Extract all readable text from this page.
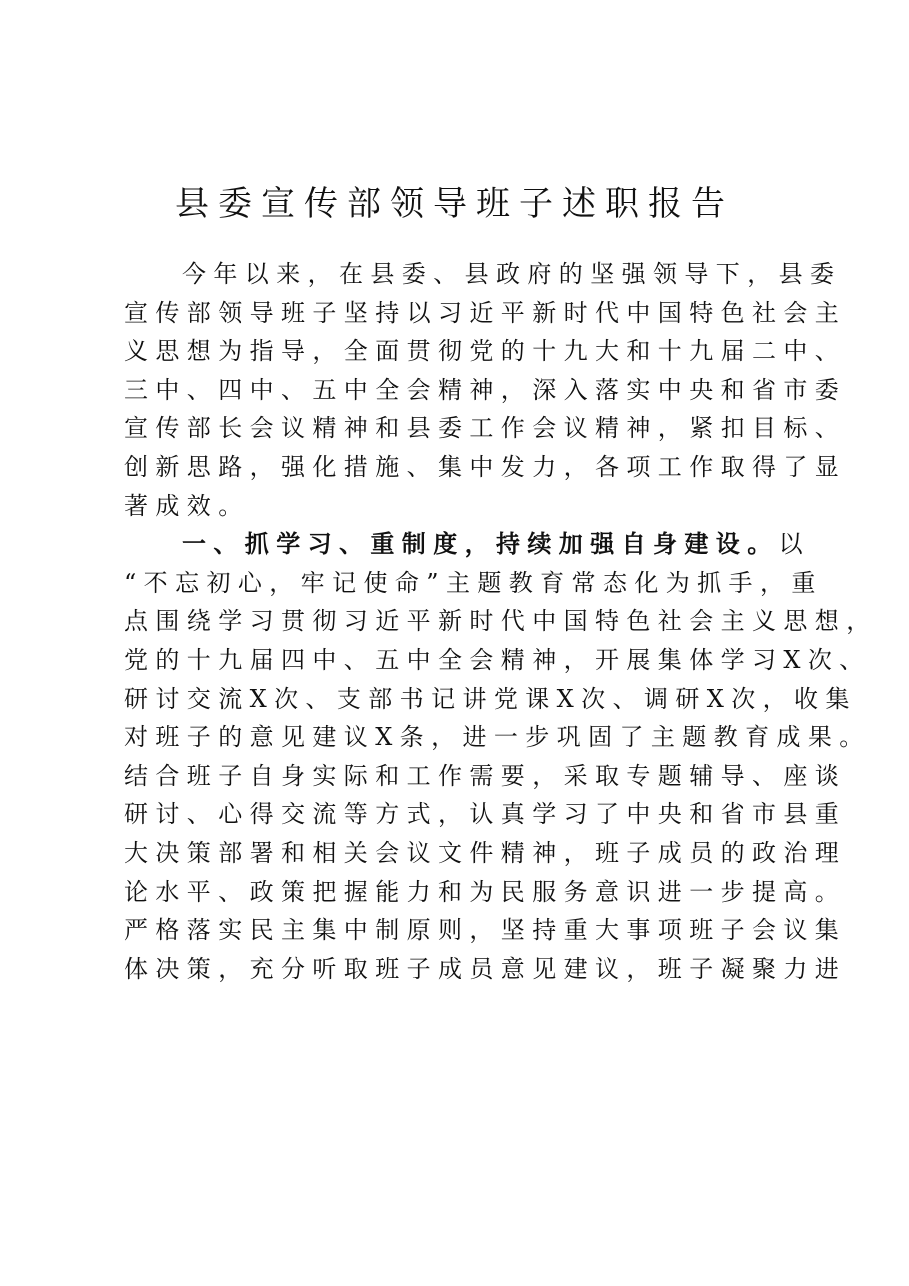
县委宣传部领导班子述职报告
今年以来，在县委、县政府的坚强领导下，县委
宣传部领导班子坚持以习近平新时代中国特色社会主
义思想为指导，全面贯彻党的十九大和十九届二中、
三中、四中、五中全会精神，深入落实中央和省市委
宣传部长会议精神和县委工作会议精神，紧扣目标、
创新思路，强化措施、集中发力，各项工作取得了显
著成效。
一、抓学习、重制度，持续加强自身建设。以
“不忘初心，牢记使命”主题教育常态化为抓手，重
点围绕学习贯彻习近平新时代中国特色社会主义思想，
党的十九届四中、五中全会精神，开展集体学习X次、
研讨交流X次、支部书记讲党课X次、调研X次，收集
对班子的意见建议X条，进一步巩固了主题教育成果。
结合班子自身实际和工作需要，采取专题辅导、座谈
研讨、心得交流等方式，认真学习了中央和省市县重
大决策部署和相关会议文件精神，班子成员的政治理
论水平、政策把握能力和为民服务意识进一步提高。
严格落实民主集中制原则，坚持重大事项班子会议集
体决策，充分听取班子成员意见建议，班子凝聚力进
